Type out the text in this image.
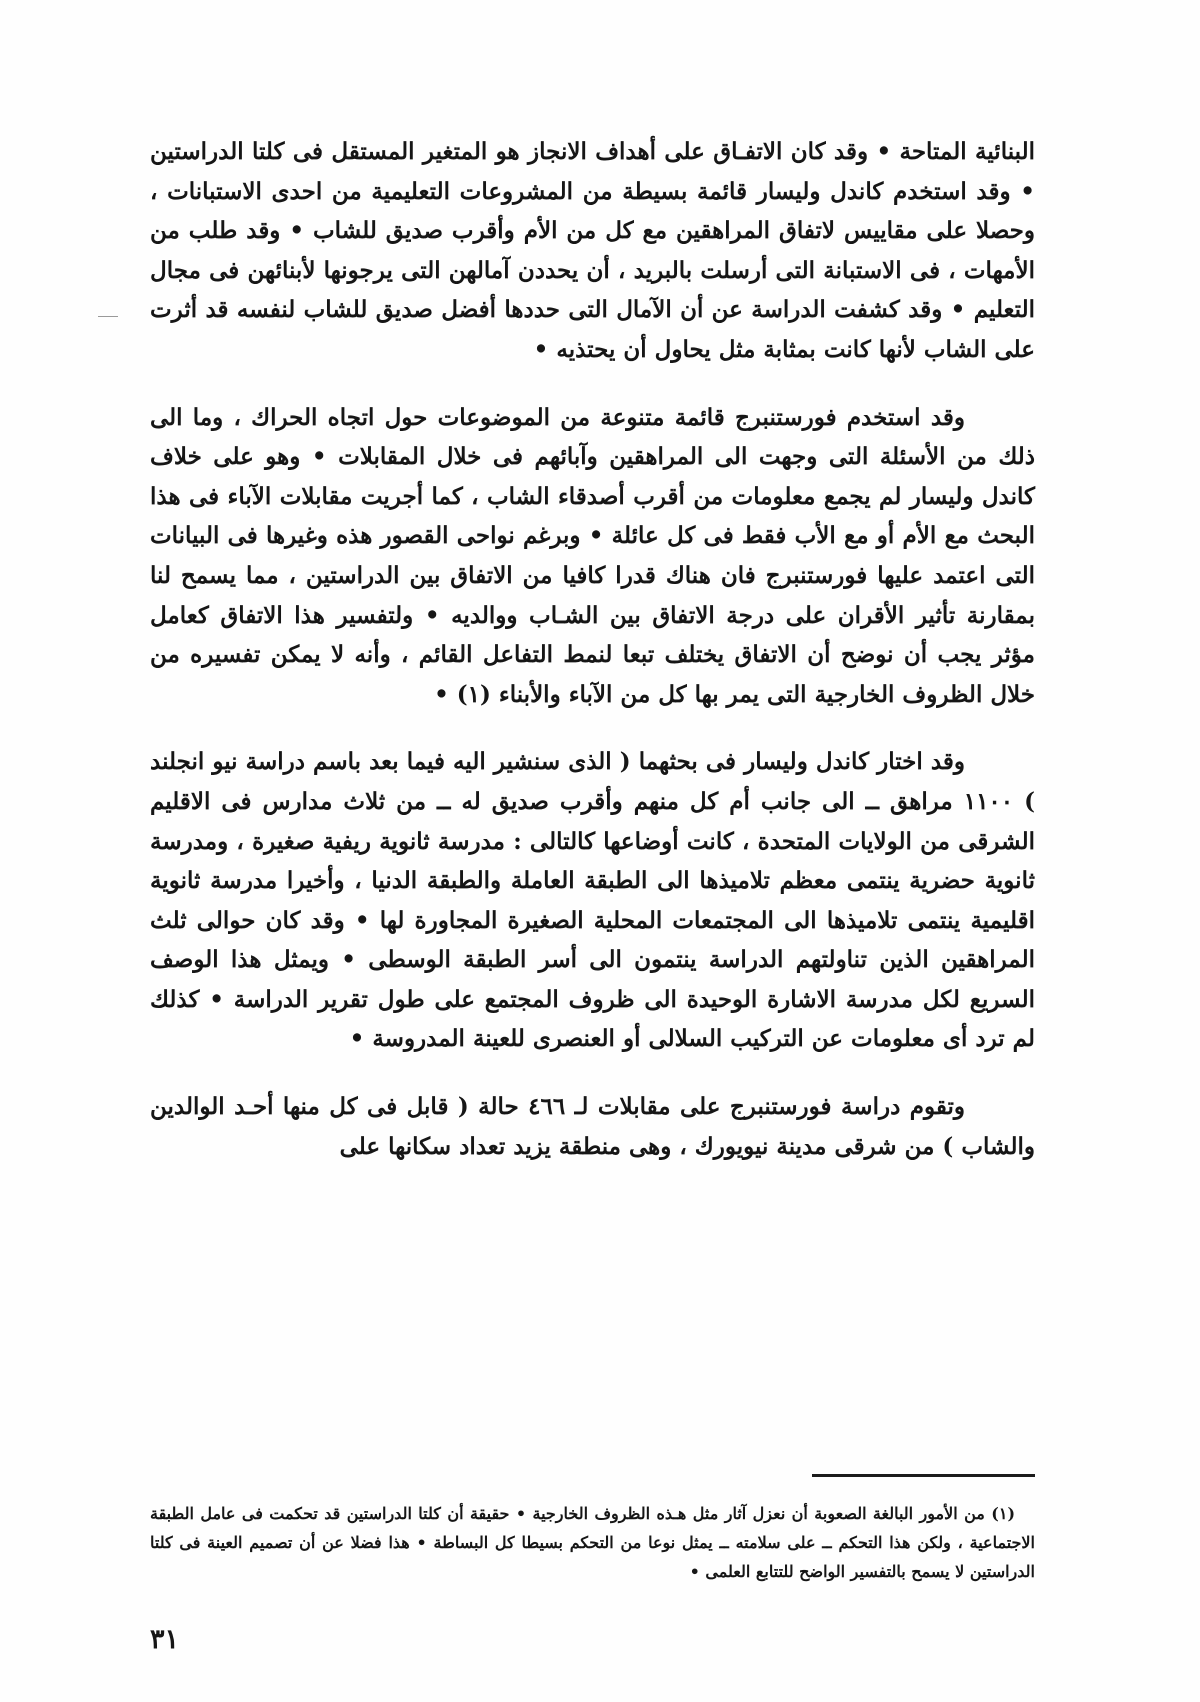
البنائية المتاحة • وقد كان الاتفـاق على أهداف الانجاز هو المتغير المستقل فى كلتا الدراستين • وقد استخدم كاندل وليسار قائمة بسيطة من المشروعات التعليمية من احدى الاستبانات ، وحصلا على مقاييس لاتفاق المراهقين مع كل من الأم وأقرب صديق للشاب • وقد طلب من الأمهات ، فى الاستبانة التى أرسلت بالبريد ، أن يحددن آمالهن التى يرجونها لأبنائهن فى مجال التعليم • وقد كشفت الدراسة عن أن الآمال التى حددها أفضل صديق للشاب لنفسه قد أثرت على الشاب لأنها كانت بمثابة مثل يحاول أن يحتذيه •

وقد استخدم فورستنبرج قائمة متنوعة من الموضوعات حول اتجاه الحراك ، وما الى ذلك من الأسئلة التى وجهت الى المراهقين وآبائهم فى خلال المقابلات • وهو على خلاف كاندل وليسار لم يجمع معلومات من أقرب أصدقاء الشاب ، كما أجريت مقابلات الآباء فى هذا البحث مع الأم أو مع الأب فقط فى كل عائلة • وبرغم نواحى القصور هذه وغيرها فى البيانات التى اعتمد عليها فورستنبرج فان هناك قدرا كافيا من الاتفاق بين الدراستين ، مما يسمح لنا بمقارنة تأثير الأقران على درجة الاتفاق بين الشـاب ووالديه • ولتفسير هذا الاتفاق كعامل مؤثر يجب أن نوضح أن الاتفاق يختلف تبعا لنمط التفاعل القائم ، وأنه لا يمكن تفسيره من خلال الظروف الخارجية التى يمر بها كل من الآباء والأبناء (١) •

وقد اختار كاندل وليسار فى بحثهما ( الذى سنشير اليه فيما بعد باسم دراسة نيو انجلند ) ١١٠٠ مراهق ــ الى جانب أم كل منهم وأقرب صديق له ــ من ثلاث مدارس فى الاقليم الشرقى من الولايات المتحدة ، كانت أوضاعها كالتالى : مدرسة ثانوية ريفية صغيرة ، ومدرسة ثانوية حضرية ينتمى معظم تلاميذها الى الطبقة العاملة والطبقة الدنيا ، وأخيرا مدرسة ثانوية اقليمية ينتمى تلاميذها الى المجتمعات المحلية الصغيرة المجاورة لها • وقد كان حوالى ثلث المراهقين الذين تناولتهم الدراسة ينتمون الى أسر الطبقة الوسطى • ويمثل هذا الوصف السريع لكل مدرسة الاشارة الوحيدة الى ظروف المجتمع على طول تقرير الدراسة • كذلك لم ترد أى معلومات عن التركيب السلالى أو العنصرى للعينة المدروسة •

وتقوم دراسة فورستنبرج على مقابلات لـ ٤٦٦ حالة ( قابل فى كل منها أحـد الوالدين والشاب ) من شرقى مدينة نيويورك ، وهى منطقة يزيد تعداد سكانها على

(١) من الأمور البالغة الصعوبة أن نعزل آثار مثل هـذه الظروف الخارجية • حقيقة أن كلتا الدراستين قد تحكمت فى عامل الطبقة الاجتماعية ، ولكن هذا التحكم ــ على سلامته ــ يمثل نوعا من التحكم بسيطا كل البساطة • هذا فضلا عن أن تصميم العينة فى كلتا الدراستين لا يسمح بالتفسير الواضح للتتابع العلمى •

٣١
